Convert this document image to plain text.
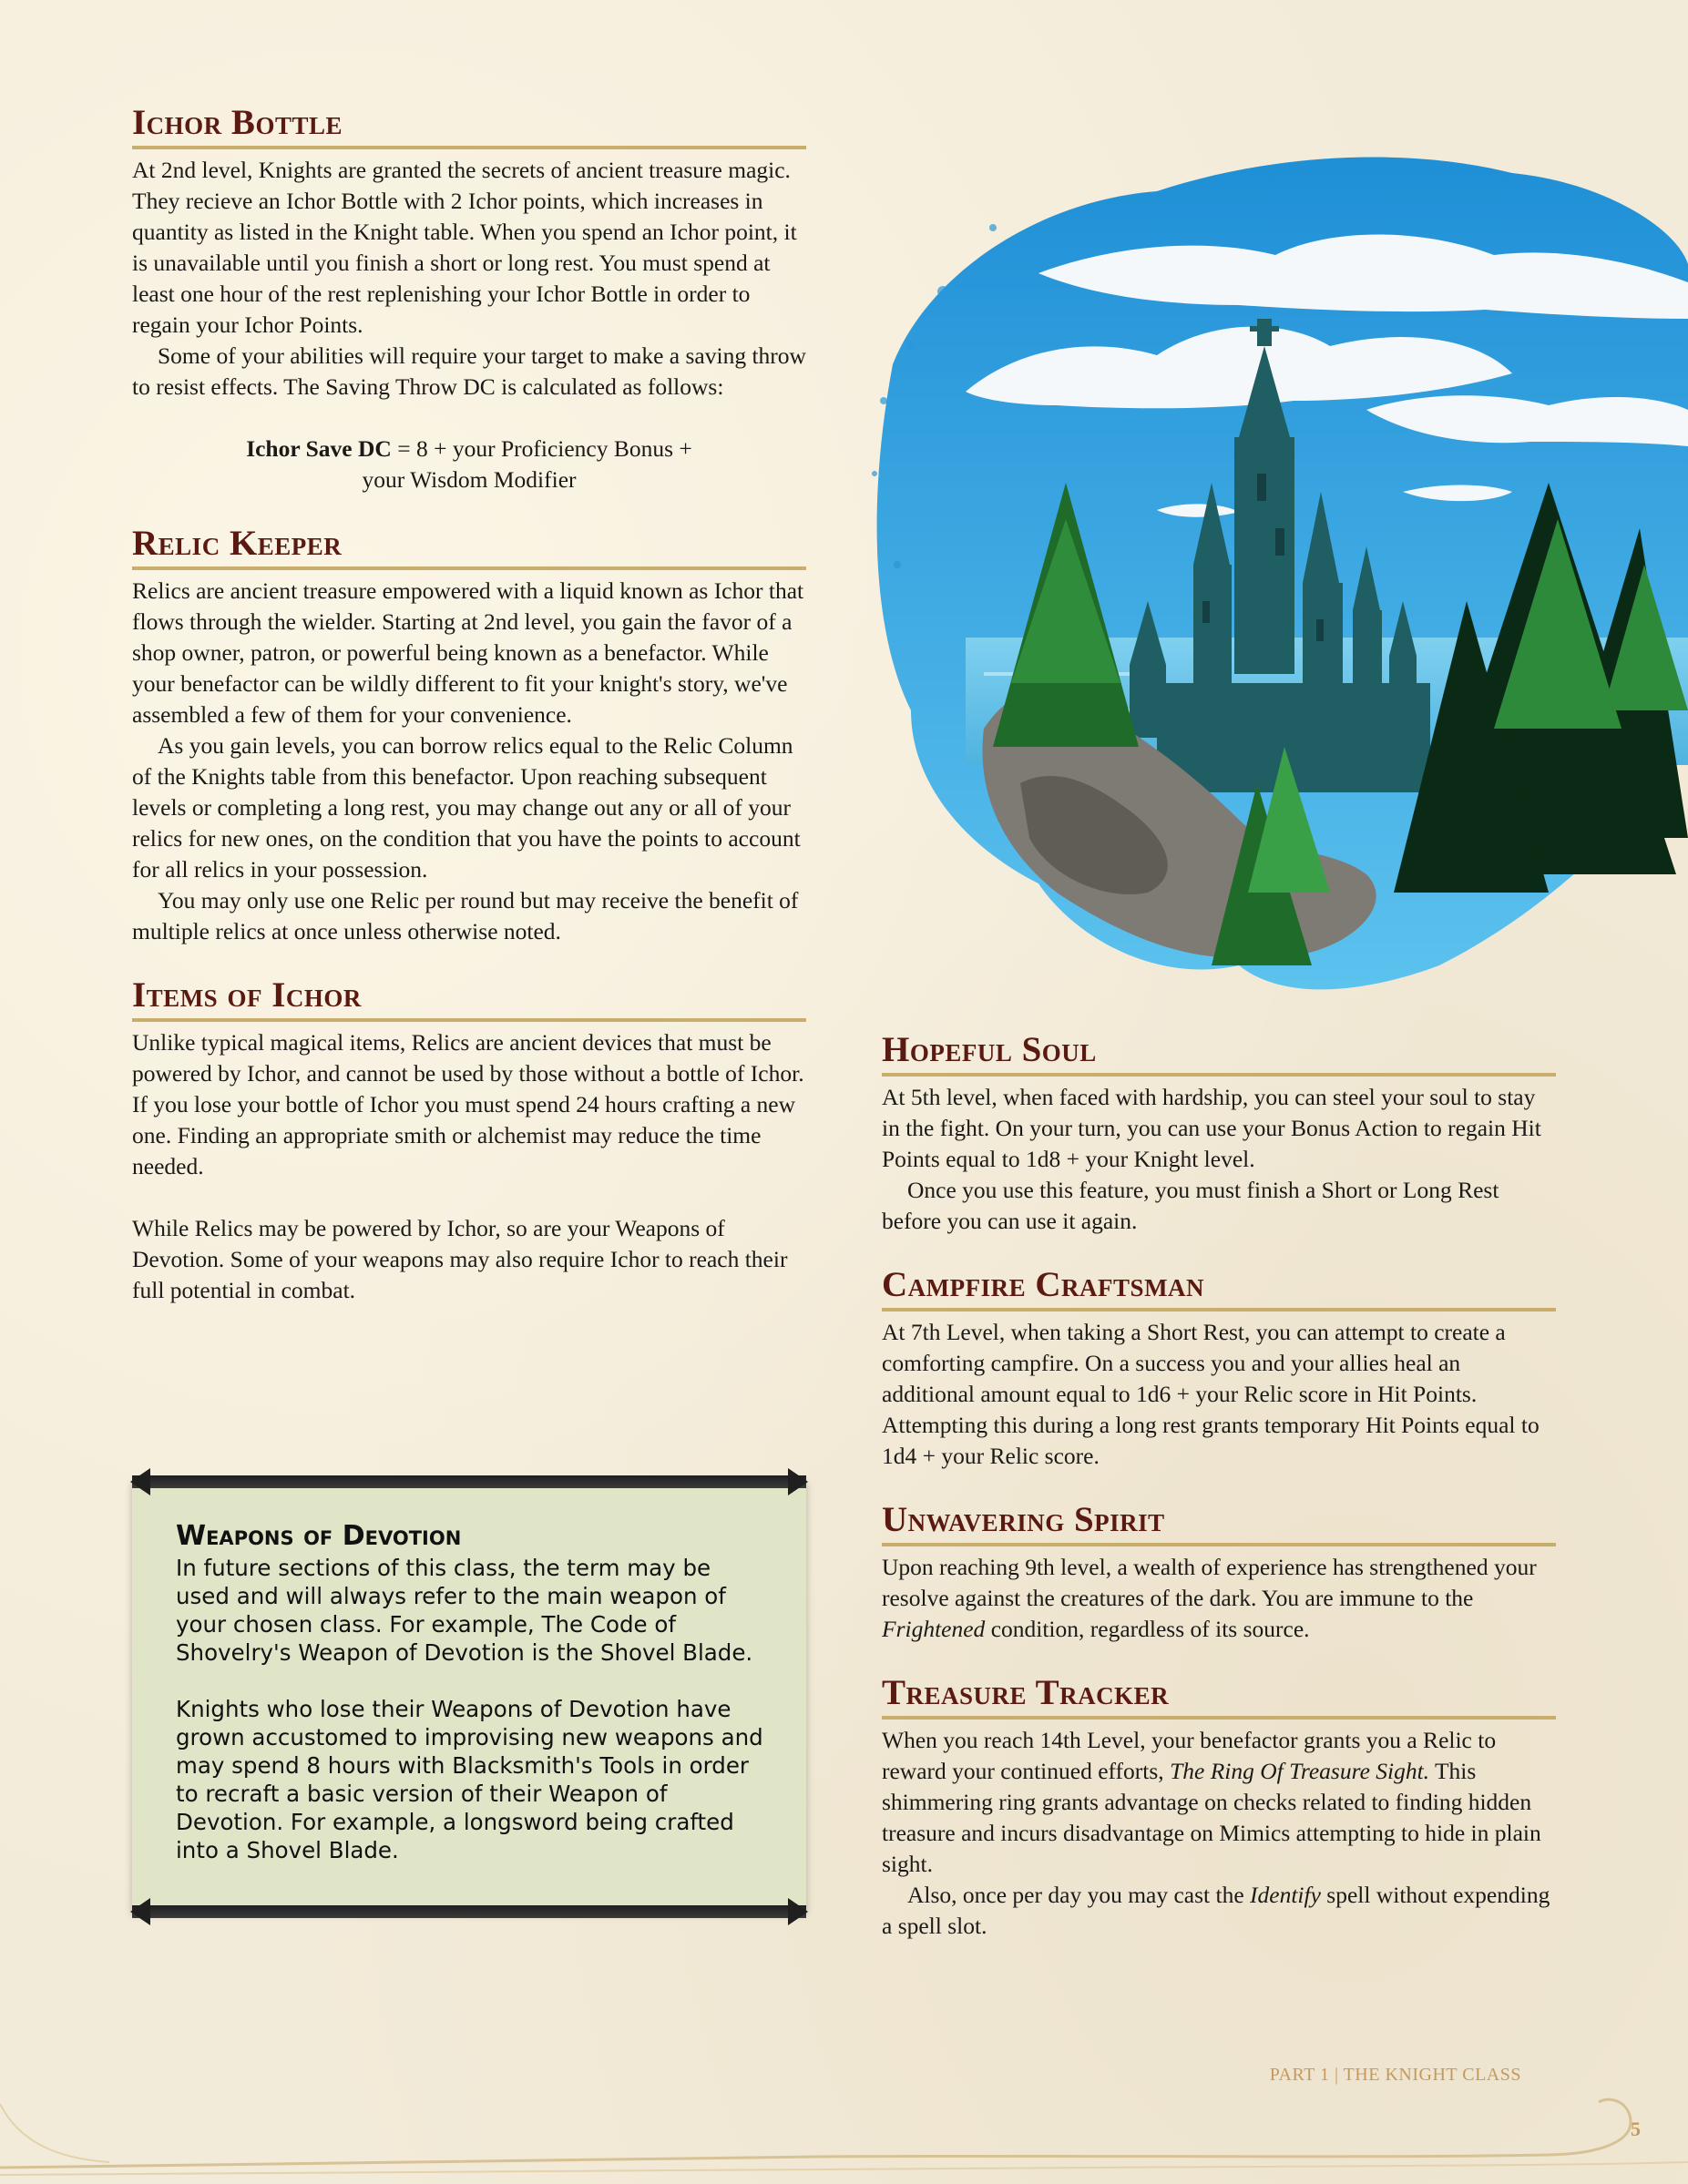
Ichor Bottle

At 2nd level, Knights are granted the secrets of ancient treasure magic. They recieve an Ichor Bottle with 2 Ichor points, which increases in quantity as listed in the Knight table. When you spend an Ichor point, it is unavailable until you finish a short or long rest. You must spend at least one hour of the rest replenishing your Ichor Bottle in order to regain your Ichor Points.

Some of your abilities will require your target to make a saving throw to resist effects. The Saving Throw DC is calculated as follows:

Ichor Save DC = 8 + your Proficiency Bonus +

your Wisdom Modifier

Relic Keeper

Relics are ancient treasure empowered with a liquid known as Ichor that flows through the wielder. Starting at 2nd level, you gain the favor of a shop owner, patron, or powerful being known as a benefactor. While your benefactor can be wildly different to fit your knight's story, we've assembled a few of them for your convenience.

As you gain levels, you can borrow relics equal to the Relic Column of the Knights table from this benefactor. Upon reaching subsequent levels or completing a long rest, you may change out any or all of your relics for new ones, on the condition that you have the points to account for all relics in your possession.

You may only use one Relic per round but may receive the benefit of multiple relics at once unless otherwise noted.

Items of Ichor

Unlike typical magical items, Relics are ancient devices that must be powered by Ichor, and cannot be used by those without a bottle of Ichor. If you lose your bottle of Ichor you must spend 24 hours crafting a new one. Finding an appropriate smith or alchemist may reduce the time needed.

While Relics may be powered by Ichor, so are your Weapons of Devotion. Some of your weapons may also require Ichor to reach their full potential in combat.

Weapons of Devotion

In future sections of this class, the term may be used and will always refer to the main weapon of your chosen class. For example, The Code of Shovelry's Weapon of Devotion is the Shovel Blade.

Knights who lose their Weapons of Devotion have grown accustomed to improvising new weapons and may spend 8 hours with Blacksmith's Tools in order to recraft a basic version of their Weapon of Devotion. For example, a longsword being crafted into a Shovel Blade.

Hopeful Soul

At 5th level, when faced with hardship, you can steel your soul to stay in the fight. On your turn, you can use your Bonus Action to regain Hit Points equal to 1d8 + your Knight level.

Once you use this feature, you must finish a Short or Long Rest before you can use it again.

Campfire Craftsman

At 7th Level, when taking a Short Rest, you can attempt to create a comforting campfire. On a success you and your allies heal an additional amount equal to 1d6 + your Relic score in Hit Points. Attempting this during a long rest grants temporary Hit Points equal to 1d4 + your Relic score.

Unwavering Spirit

Upon reaching 9th level, a wealth of experience has strengthened your resolve against the creatures of the dark. You are immune to the Frightened condition, regardless of its source.

Treasure Tracker

When you reach 14th Level, your benefactor grants you a Relic to reward your continued efforts, The Ring Of Treasure Sight. This shimmering ring grants advantage on checks related to finding hidden treasure and incurs disadvantage on Mimics attempting to hide in plain sight.

Also, once per day you may cast the Identify spell without expending a spell slot.

PART 1 | THE KNIGHT CLASS
5
